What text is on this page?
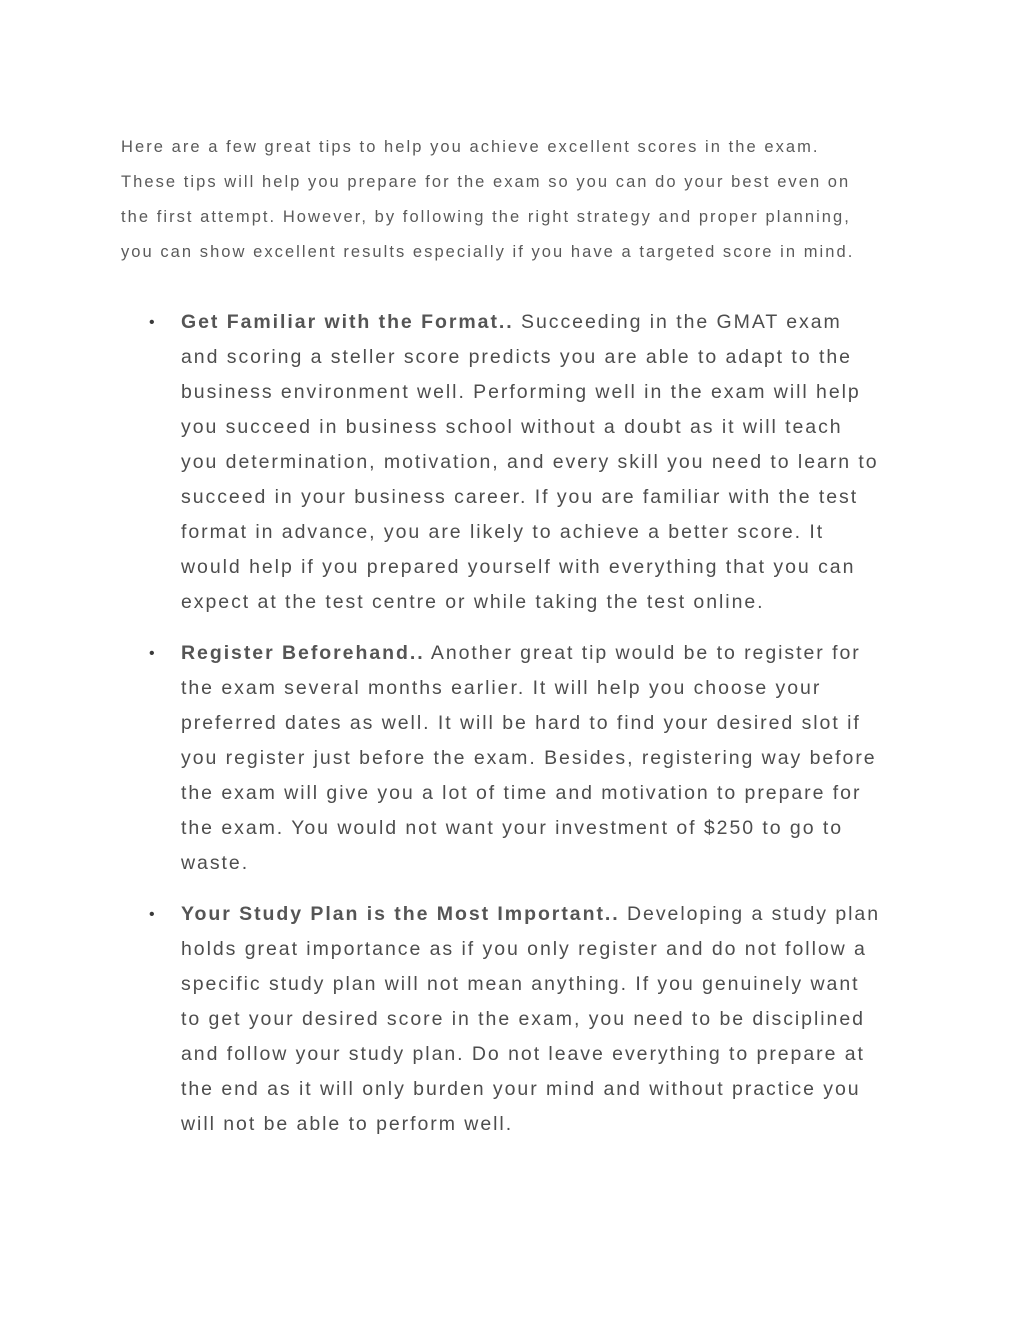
Here are a few great tips to help you achieve excellent scores in the exam.
These tips will help you prepare for the exam so you can do your best even on
the first attempt. However, by following the right strategy and proper planning,
you can show excellent results especially if you have a targeted score in mind.

• Get Familiar with the Format.. Succeeding in the GMAT exam
and scoring a steller score predicts you are able to adapt to the
business environment well. Performing well in the exam will help
you succeed in business school without a doubt as it will teach
you determination, motivation, and every skill you need to learn to
succeed in your business career. If you are familiar with the test
format in advance, you are likely to achieve a better score. It
would help if you prepared yourself with everything that you can
expect at the test centre or while taking the test online.
• Register Beforehand.. Another great tip would be to register for
the exam several months earlier. It will help you choose your
preferred dates as well. It will be hard to find your desired slot if
you register just before the exam. Besides, registering way before
the exam will give you a lot of time and motivation to prepare for
the exam. You would not want your investment of $250 to go to
waste.
• Your Study Plan is the Most Important.. Developing a study plan
holds great importance as if you only register and do not follow a
specific study plan will not mean anything. If you genuinely want
to get your desired score in the exam, you need to be disciplined
and follow your study plan. Do not leave everything to prepare at
the end as it will only burden your mind and without practice you
will not be able to perform well.
